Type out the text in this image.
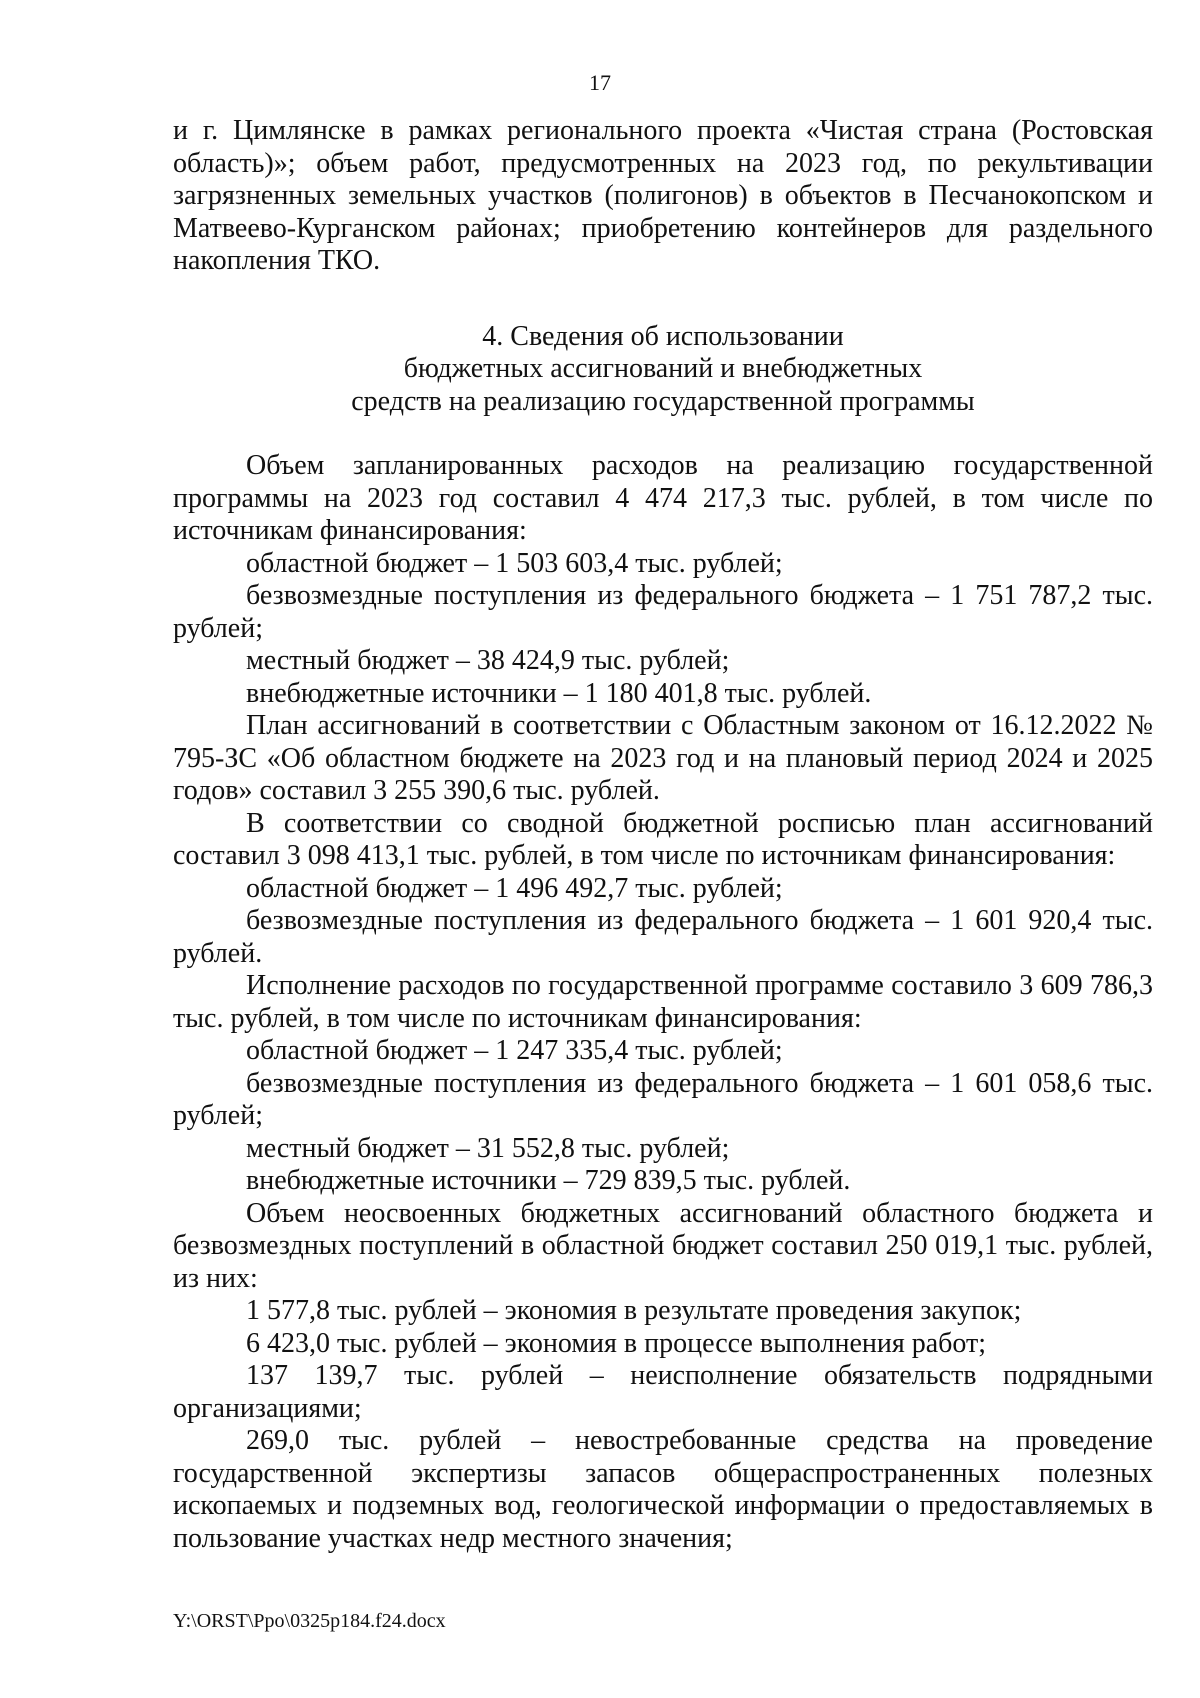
17

и г. Цимлянске в рамках регионального проекта «Чистая страна (Ростовская область)»; объем работ, предусмотренных на 2023 год, по рекультивации загрязненных земельных участков (полигонов) в объектов в Песчанокопском и Матвеево-Курганском районах; приобретению контейнеров для раздельного накопления ТКО.

4. Сведения об использовании

бюджетных ассигнований и внебюджетных

средств на реализацию государственной программы

Объем запланированных расходов на реализацию государственной программы на 2023 год составил 4 474 217,3 тыс. рублей, в том числе по источникам финансирования:

областной бюджет – 1 503 603,4 тыс. рублей;

безвозмездные поступления из федерального бюджета – 1 751 787,2 тыс. рублей;

местный бюджет – 38 424,9 тыс. рублей;

внебюджетные источники – 1 180 401,8 тыс. рублей.

План ассигнований в соответствии с Областным законом от 16.12.2022 № 795-ЗС «Об областном бюджете на 2023 год и на плановый период 2024 и 2025 годов» составил 3 255 390,6 тыс. рублей.

В соответствии со сводной бюджетной росписью план ассигнований составил 3 098 413,1 тыс. рублей, в том числе по источникам финансирования:

областной бюджет – 1 496 492,7 тыс. рублей;

безвозмездные поступления из федерального бюджета – 1 601 920,4 тыс. рублей.

Исполнение расходов по государственной программе составило 3 609 786,3 тыс. рублей, в том числе по источникам финансирования:

областной бюджет – 1 247 335,4 тыс. рублей;

безвозмездные поступления из федерального бюджета – 1 601 058,6 тыс. рублей;

местный бюджет – 31 552,8 тыс. рублей;

внебюджетные источники – 729 839,5 тыс. рублей.

Объем неосвоенных бюджетных ассигнований областного бюджета и безвозмездных поступлений в областной бюджет составил 250 019,1 тыс. рублей, из них:

1 577,8 тыс. рублей – экономия в результате проведения закупок;

6 423,0 тыс. рублей – экономия в процессе выполнения работ;

137 139,7 тыс. рублей – неисполнение обязательств подрядными организациями;

269,0 тыс. рублей – невостребованные средства на проведение государственной экспертизы запасов общераспространенных полезных ископаемых и подземных вод, геологической информации о предоставляемых в пользование участках недр местного значения;

Y:\ORST\Ppo\0325p184.f24.docx
